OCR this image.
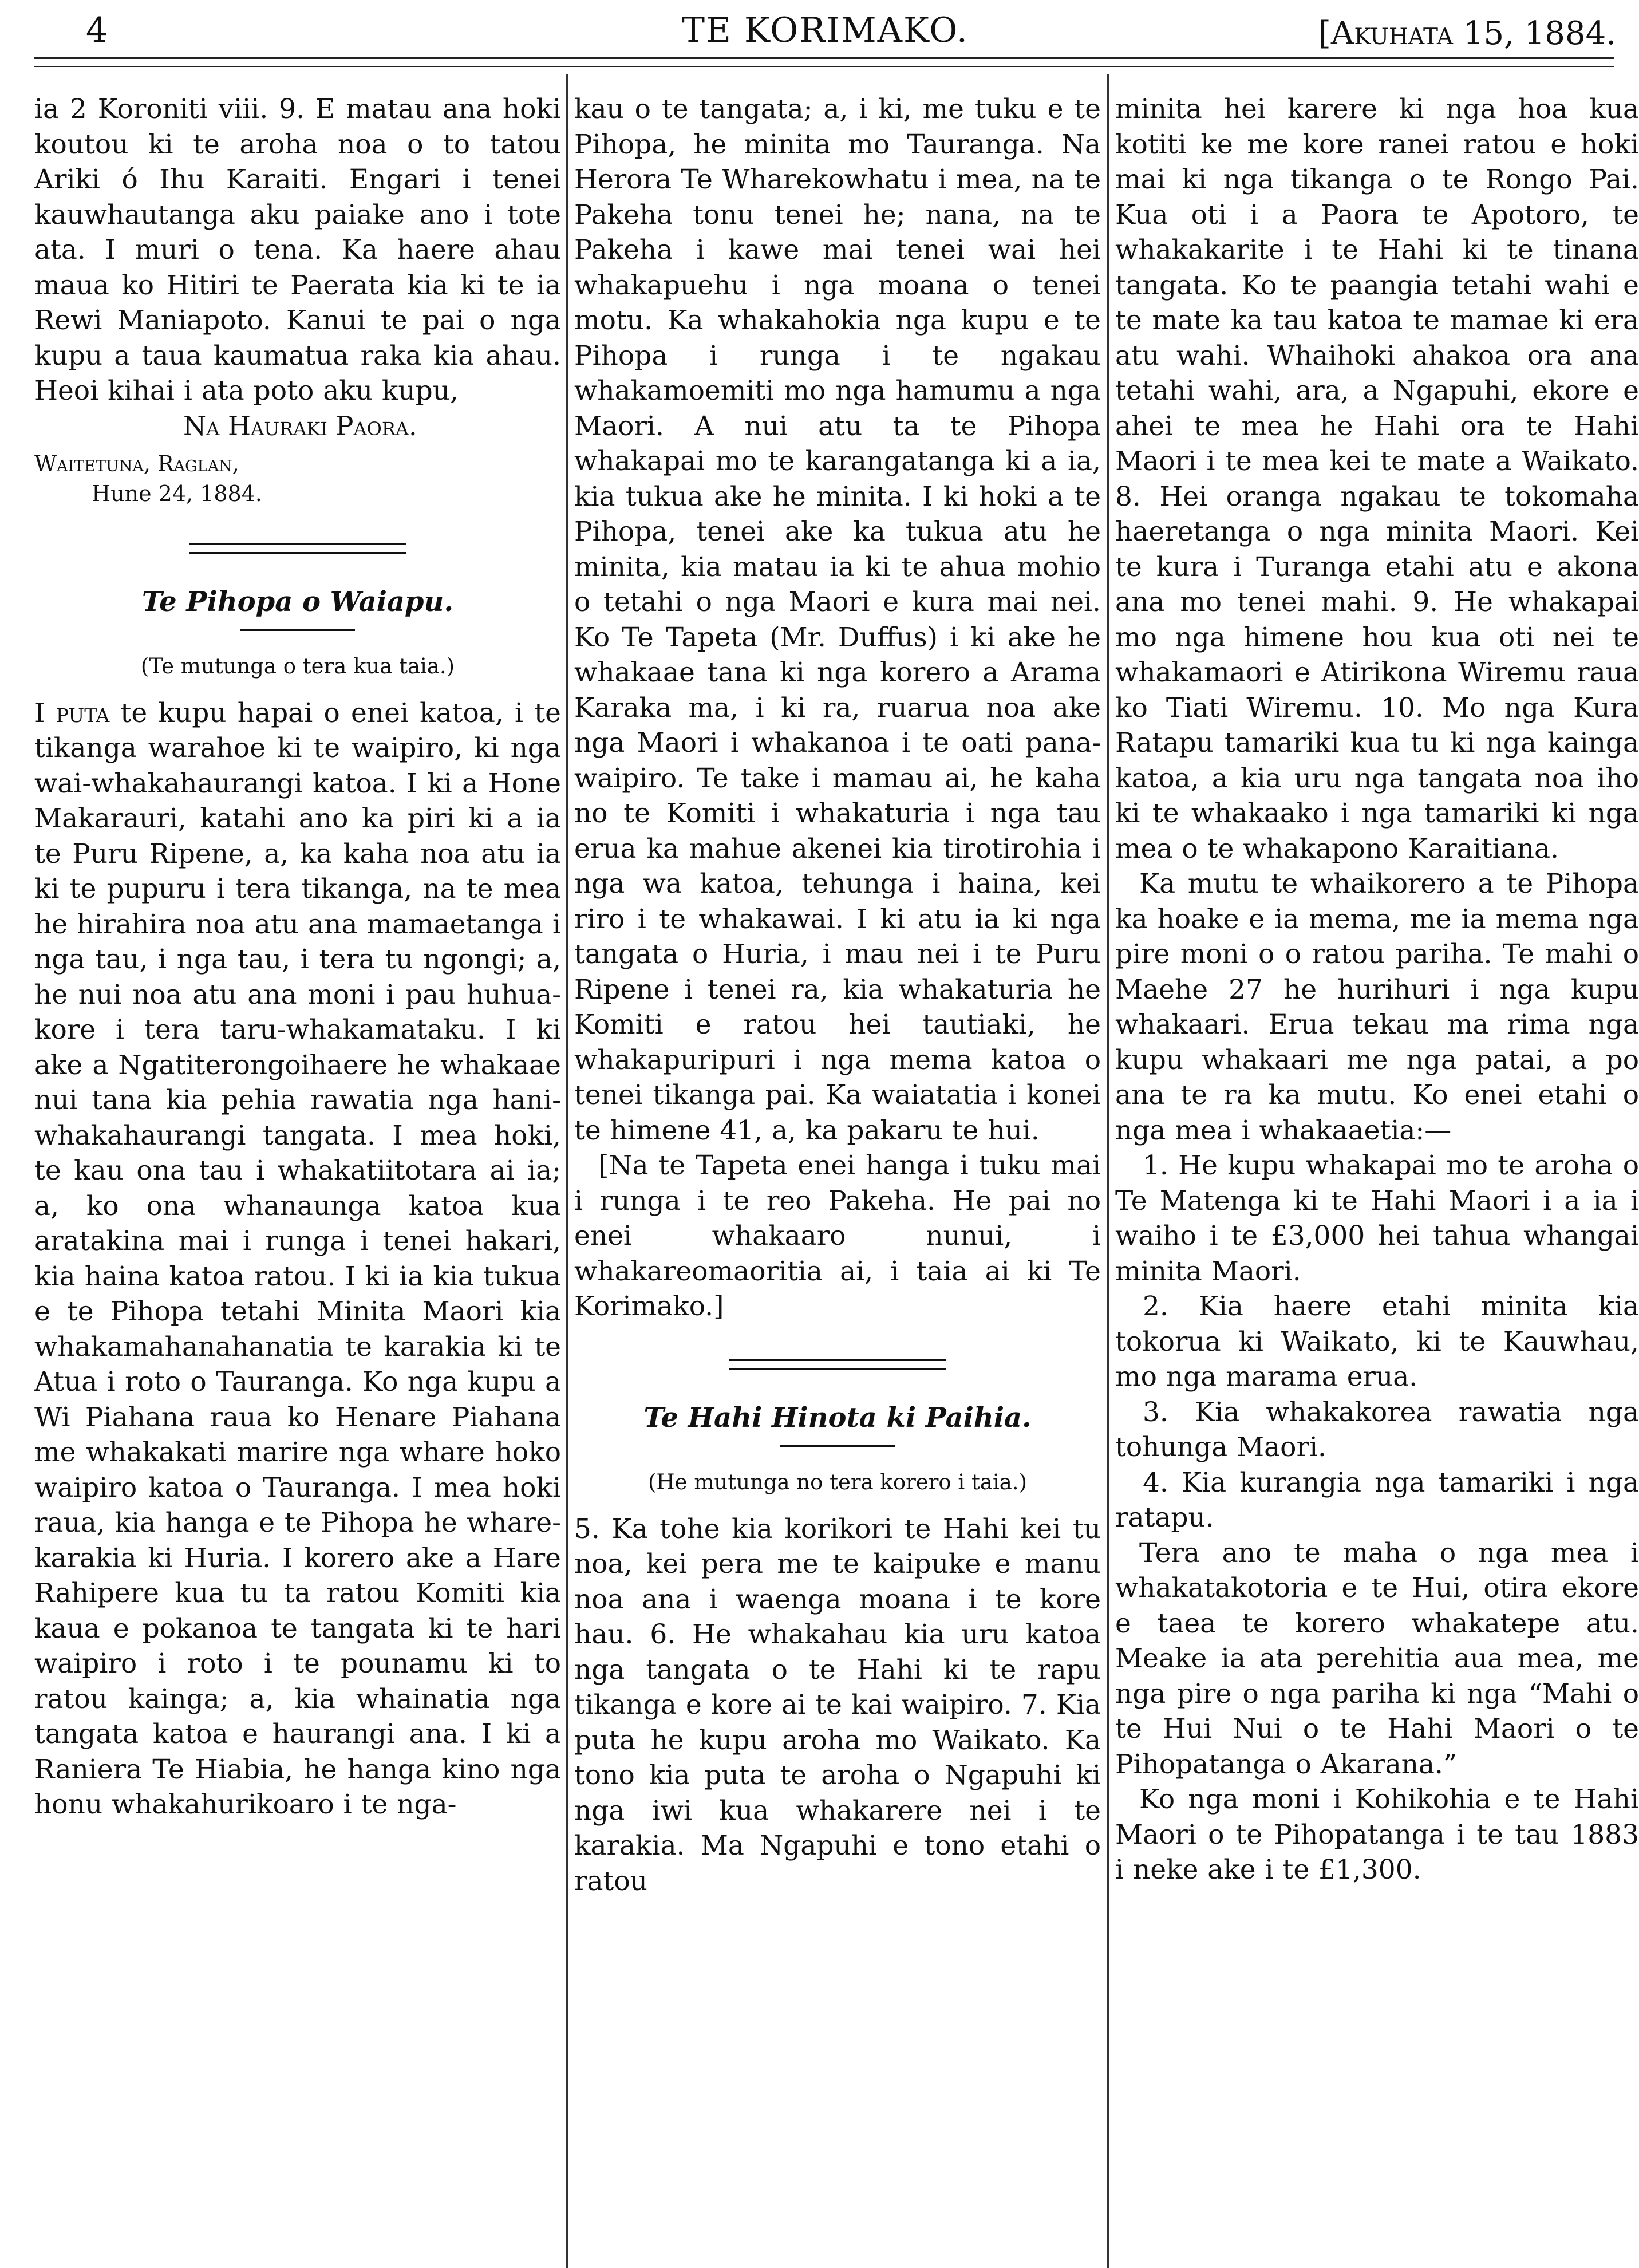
4	TE KORIMAKO.	[Akuhata 15, 1884.

ia 2 Koroniti viii. 9. E matau ana hoki koutou ki te aroha noa o to tatou Ariki ó Ihu Karaiti. Engari i tenei kauwhautanga aku paiake ano i tote ata. I muri o tena. Ka haere ahau maua ko Hitiri te Paerata kia ki te ia Rewi Maniapoto. Kanui te pai o nga kupu a taua kaumatua raka kia ahau. Heoi kihai i ata poto aku kupu,

Na Hauraki Paora.
Waitetuna, Raglan,
Hune 24, 1884.
Te Pihopa o Waiapu.
(Te mutunga o tera kua taia.)

I puta te kupu hapai o enei katoa, i te tikanga warahoe ki te waipiro, ki nga wai-whakahaurangi katoa. I ki a Hone Makarauri, katahi ano ka piri ki a ia te Puru Ripene, a, ka kaha noa atu ia ki te pupuru i tera tikanga, na te mea he hirahira noa atu ana mamaetanga i nga tau, i nga tau, i tera tu ngongi; a, he nui noa atu ana moni i pau huhua-kore i tera taru-whakamataku. I ki ake a Ngatiterongoihaere he whakaae nui tana kia pehia rawatia nga hani-whakahaurangi tangata. I mea hoki, te kau ona tau i whakatiitotara ai ia; a, ko ona whanaunga katoa kua aratakina mai i runga i tenei hakari, kia haina katoa ratou. I ki ia kia tukua e te Pihopa tetahi Minita Maori kia whakamahanahanatia te karakia ki te Atua i roto o Tauranga. Ko nga kupu a Wi Piahana raua ko Henare Piahana me whakakati marire nga whare hoko waipiro katoa o Tauranga. I mea hoki raua, kia hanga e te Pihopa he whare-karakia ki Huria. I korero ake a Hare Rahipere kua tu ta ratou Komiti kia kaua e pokanoa te tangata ki te hari waipiro i roto i te pounamu ki to ratou kainga; a, kia whainatia nga tangata katoa e haurangi ana. I ki a Raniera Te Hiabia, he hanga kino nga honu whakahurikoaro i te nga-

kau o te tangata; a, i ki, me tuku e te Pihopa, he minita mo Tauranga. Na Herora Te Wharekowhatu i mea, na te Pakeha tonu tenei he; nana, na te Pakeha i kawe mai tenei wai hei whakapuehu i nga moana o tenei motu. Ka whakahokia nga kupu e te Pihopa i runga i te ngakau whakamoemiti mo nga hamumu a nga Maori. A nui atu ta te Pihopa whakapai mo te karangatanga ki a ia, kia tukua ake he minita. I ki hoki a te Pihopa, tenei ake ka tukua atu he minita, kia matau ia ki te ahua mohio o tetahi o nga Maori e kura mai nei. Ko Te Tapeta (Mr. Duffus) i ki ake he whakaae tana ki nga korero a Arama Karaka ma, i ki ra, ruarua noa ake nga Maori i whakanoa i te oati pana-waipiro. Te take i mamau ai, he kaha no te Komiti i whakaturia i nga tau erua ka mahue akenei kia tirotirohia i nga wa katoa, tehunga i haina, kei riro i te whakawai. I ki atu ia ki nga tangata o Huria, i mau nei i te Puru Ripene i tenei ra, kia whakaturia he Komiti e ratou hei tautiaki, he whakapuripuri i nga mema katoa o tenei tikanga pai. Ka waiatatia i konei te himene 41, a, ka pakaru te hui.

[Na te Tapeta enei hanga i tuku mai i runga i te reo Pakeha. He pai no enei whakaaro nunui, i whakareomaoritia ai, i taia ai ki Te Korimako.]

Te Hahi Hinota ki Paihia.
(He mutunga no tera korero i taia.)

5. Ka tohe kia korikori te Hahi kei tu noa, kei pera me te kaipuke e manu noa ana i waenga moana i te kore hau. 6. He whakahau kia uru katoa nga tangata o te Hahi ki te rapu tikanga e kore ai te kai waipiro. 7. Kia puta he kupu aroha mo Waikato. Ka tono kia puta te aroha o Ngapuhi ki nga iwi kua whakarere nei i te karakia. Ma Ngapuhi e tono etahi o ratou

minita hei karere ki nga hoa kua kotiti ke me kore ranei ratou e hoki mai ki nga tikanga o te Rongo Pai. Kua oti i a Paora te Apotoro, te whakakarite i te Hahi ki te tinana tangata. Ko te paangia tetahi wahi e te mate ka tau katoa te mamae ki era atu wahi. Whaihoki ahakoa ora ana tetahi wahi, ara, a Ngapuhi, ekore e ahei te mea he Hahi ora te Hahi Maori i te mea kei te mate a Waikato. 8. Hei oranga ngakau te tokomaha haeretanga o nga minita Maori. Kei te kura i Turanga etahi atu e akona ana mo tenei mahi. 9. He whakapai mo nga himene hou kua oti nei te whakamaori e Atirikona Wiremu raua ko Tiati Wiremu. 10. Mo nga Kura Ratapu tamariki kua tu ki nga kainga katoa, a kia uru nga tangata noa iho ki te whakaako i nga tamariki ki nga mea o te whakapono Karaitiana.

Ka mutu te whaikorero a te Pihopa ka hoake e ia mema, me ia mema nga pire moni o o ratou pariha. Te mahi o Maehe 27 he hurihuri i nga kupu whakaari. Erua tekau ma rima nga kupu whakaari me nga patai, a po ana te ra ka mutu. Ko enei etahi o nga mea i whakaaetia:—

1. He kupu whakapai mo te aroha o Te Matenga ki te Hahi Maori i a ia i waiho i te £3,000 hei tahua whangai minita Maori.

2. Kia haere etahi minita kia tokorua ki Waikato, ki te Kauwhau, mo nga marama erua.

3. Kia whakakorea rawatia nga tohunga Maori.

4. Kia kurangia nga tamariki i nga ratapu.

Tera ano te maha o nga mea i whakatakotoria e te Hui, otira ekore e taea te korero whakatepe atu. Meake ia ata perehitia aua mea, me nga pire o nga pariha ki nga “Mahi o te Hui Nui o te Hahi Maori o te Pihopatanga o Akarana.”

Ko nga moni i Kohikohia e te Hahi Maori o te Pihopatanga i te tau 1883 i neke ake i te £1,300.
